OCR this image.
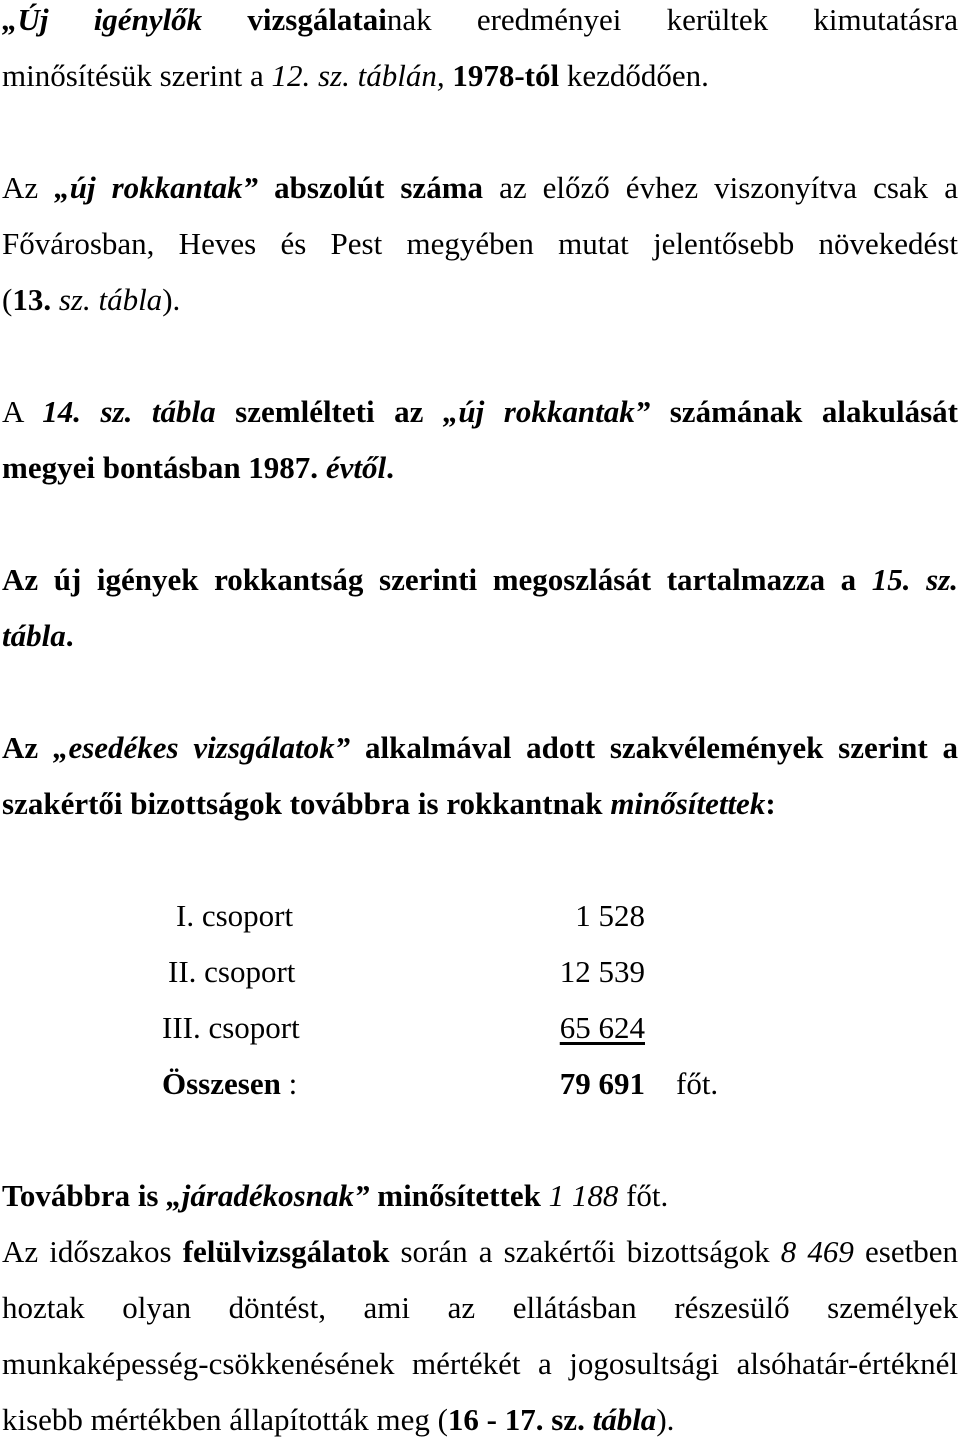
„Új igénylők vizsgálatainak eredményei kerültek kimutatásra
minősítésük szerint a 12. sz. táblán, 1978-tól kezdődően.
Az „új rokkantak” abszolút száma az előző évhez viszonyítva csak a
Fővárosban, Heves és Pest megyében mutat jelentősebb növekedést
(13. sz. tábla).
A 14. sz. tábla szemlélteti az „új rokkantak” számának alakulását
megyei bontásban 1987. évtől.
Az új igények rokkantság szerinti megoszlását tartalmazza a 15. sz.
tábla.
Az „esedékes vizsgálatok” alkalmával adott szakvélemények szerint a
szakértői bizottságok továbbra is rokkantnak minősítettek:
I. csoport	1 528
II. csoport	12 539
III. csoport	65 624
Összesen :	79 691 főt.
Továbbra is „járadékosnak” minősítettek 1 188 főt.
Az időszakos felülvizsgálatok során a szakértői bizottságok 8 469 esetben
hoztak olyan döntést, ami az ellátásban részesülő személyek
munkaképesség-csökkenésének mértékét a jogosultsági alsóhatár-értéknél
kisebb mértékben állapították meg (16 - 17. sz. tábla).
